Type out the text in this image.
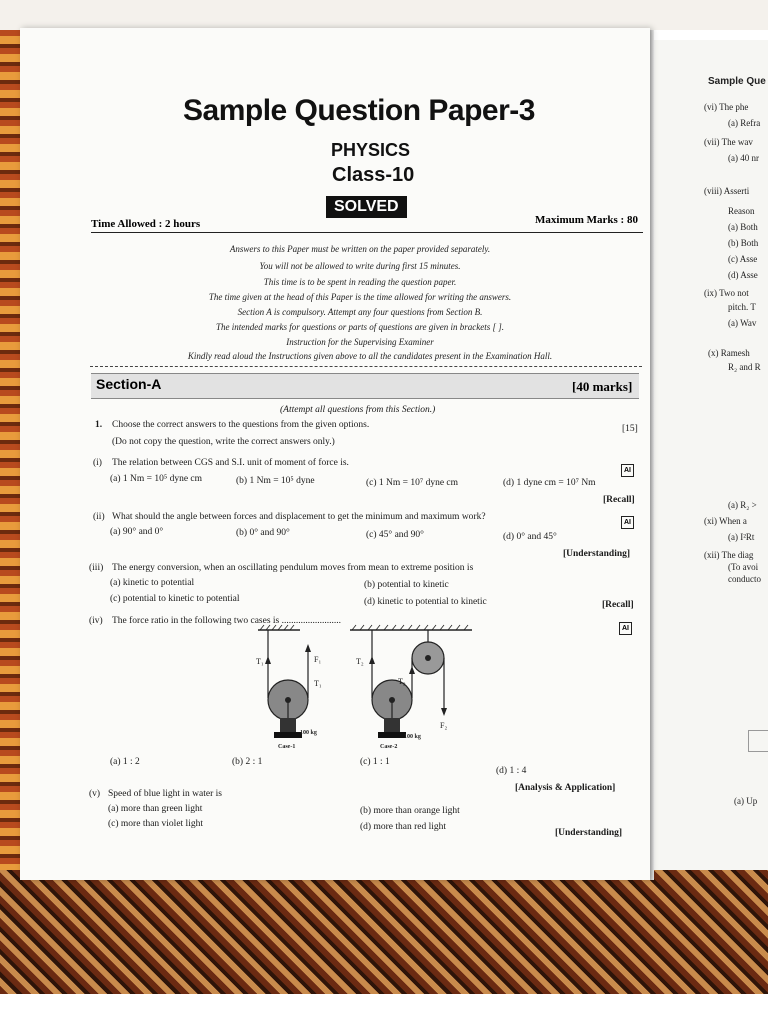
Sample Que
(vi) The phe
(a) Refra
(vii) The wav
(a) 40 nr
(viii) Asserti
Reason
(a) Both
(b) Both
(c) Asse
(d) Asse
(ix) Two not
pitch. T
(a) Wav
(x) Ramesh
R₂ and R
(a) R₂ >
(xi) When a
(a) I²Rt
(xii) The diag
(To avoi
conducto
(a) Up
Sample Question Paper-3
PHYSICS
Class-10
SOLVED
Time Allowed : 2 hours	Maximum Marks : 80
Answers to this Paper must be written on the paper provided separately.
You will not be allowed to write during first 15 minutes.
This time is to be spent in reading the question paper.
The time given at the head of this Paper is the time allowed for writing the answers.
Section A is compulsory. Attempt any four questions from Section B.
The intended marks for questions or parts of questions are given in brackets [ ].
Instruction for the Supervising Examiner
Kindly read aloud the Instructions given above to all the candidates present in the Examination Hall.
Section-A	[40 marks]
(Attempt all questions from this Section.)
1. Choose the correct answers to the questions from the given options.	[15]
(Do not copy the question, write the correct answers only.)
(i) The relation between CGS and S.I. unit of moment of force is.
AI
(a) 1 Nm = 10⁵ dyne cm	(b) 1 Nm = 10⁵ dyne	(c) 1 Nm = 10⁷ dyne cm	(d) 1 dyne cm = 10⁷ Nm
[Recall]
(ii) What should the angle between forces and displacement to get the minimum and maximum work?
AI
(a) 90° and 0°	(b) 0° and 90°	(c) 45° and 90°	(d) 0° and 45°
[Understanding]
(iii) The energy conversion, when an oscillating pendulum moves from mean to extreme position is
(a) kinetic to potential	(b) potential to kinetic
(c) potential to kinetic to potential	(d) kinetic to potential to kinetic	[Recall]
(iv) The force ratio in the following two cases is .........................
AI
T₁	F₁
T₁
100 kg
Case-1
T₂
T₂
F₂
100 kg
Case-2
(a) 1 : 2	(b) 2 : 1	(c) 1 : 1
(d) 1 : 4
[Analysis & Application]
(v) Speed of blue light in water is
(a) more than green light	(b) more than orange light
(c) more than violet light	(d) more than red light
[Understanding]
